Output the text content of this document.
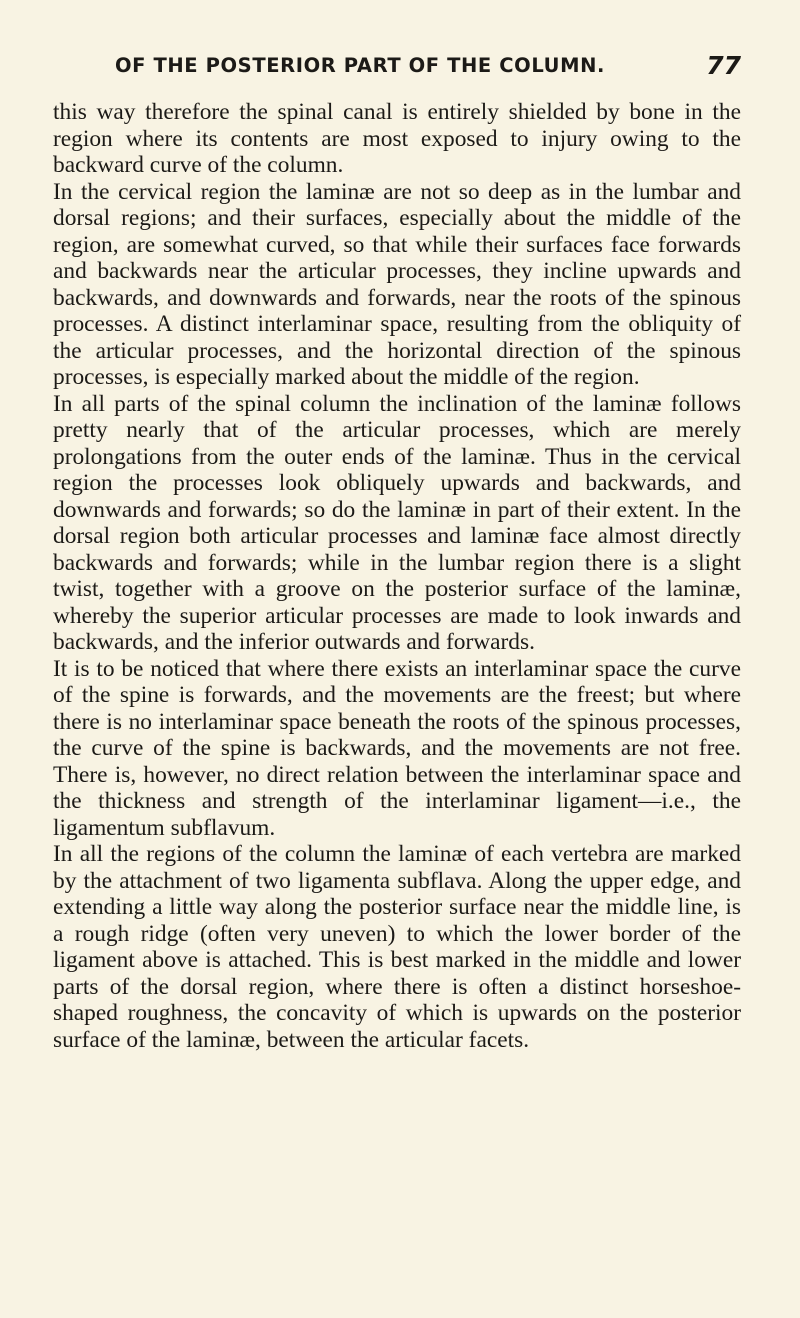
OF THE POSTERIOR PART OF THE COLUMN.	77

this way therefore the spinal canal is entirely shielded by bone in the region where its contents are most exposed to injury owing to the backward curve of the column.

In the cervical region the laminæ are not so deep as in the lumbar and dorsal regions; and their surfaces, especially about the middle of the region, are somewhat curved, so that while their surfaces face forwards and backwards near the articular processes, they incline upwards and backwards, and downwards and forwards, near the roots of the spinous processes. A distinct interlaminar space, resulting from the obliquity of the articular processes, and the horizontal direction of the spinous processes, is especially marked about the middle of the region.

In all parts of the spinal column the inclination of the laminæ follows pretty nearly that of the articular processes, which are merely prolongations from the outer ends of the laminæ. Thus in the cervical region the processes look obliquely upwards and backwards, and downwards and forwards; so do the laminæ in part of their extent. In the dorsal region both articular processes and laminæ face almost directly backwards and forwards; while in the lumbar region there is a slight twist, together with a groove on the posterior surface of the laminæ, whereby the superior articular processes are made to look inwards and backwards, and the inferior outwards and forwards.

It is to be noticed that where there exists an interlaminar space the curve of the spine is forwards, and the movements are the freest; but where there is no interlaminar space beneath the roots of the spinous processes, the curve of the spine is backwards, and the movements are not free. There is, however, no direct relation between the interlaminar space and the thickness and strength of the interlaminar ligament—i.e., the ligamentum subflavum.

In all the regions of the column the laminæ of each vertebra are marked by the attachment of two ligamenta subflava. Along the upper edge, and extending a little way along the posterior surface near the middle line, is a rough ridge (often very uneven) to which the lower border of the ligament above is attached. This is best marked in the middle and lower parts of the dorsal region, where there is often a distinct horseshoe-shaped roughness, the concavity of which is upwards on the posterior surface of the laminæ, between the articular facets.
